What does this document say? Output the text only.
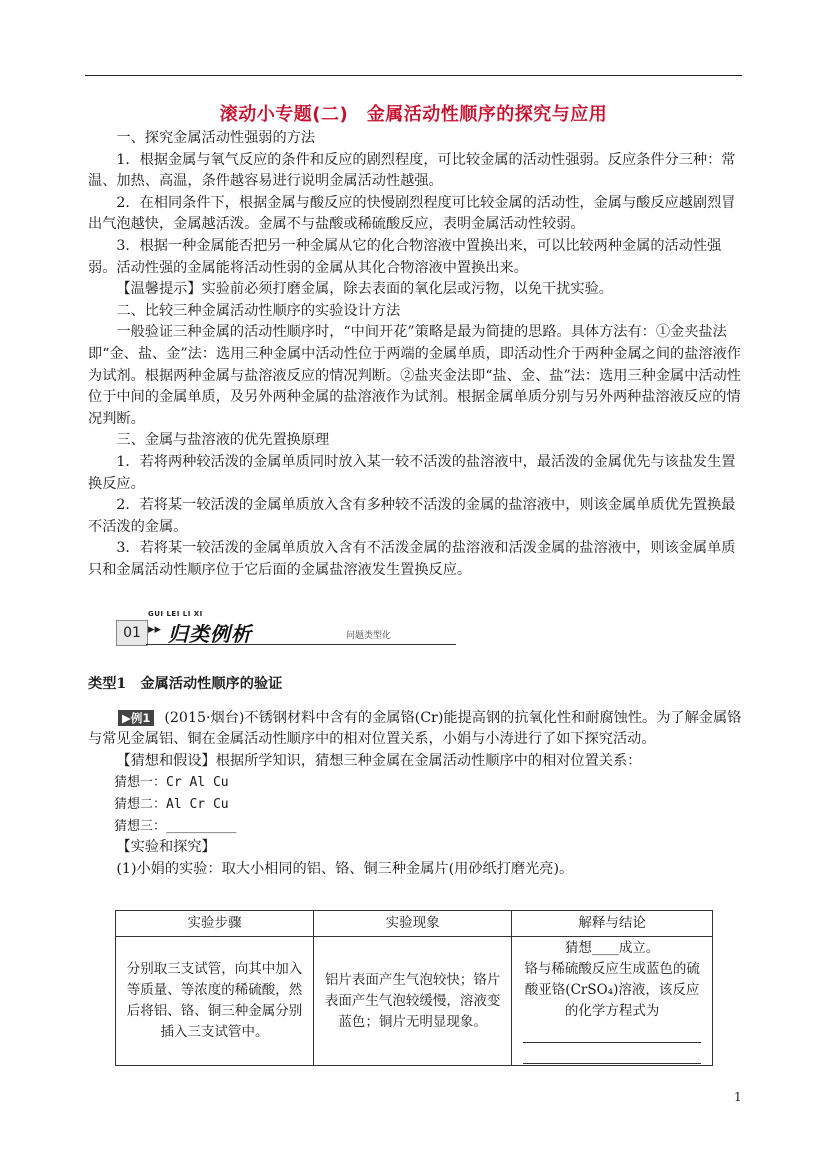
滚动小专题(二)　金属活动性顺序的探究与应用

一、探究金属活动性强弱的方法

1．根据金属与氧气反应的条件和反应的剧烈程度，可比较金属的活动性强弱。反应条件分三种：常温、加热、高温，条件越容易进行说明金属活动性越强。

2．在相同条件下，根据金属与酸反应的快慢剧烈程度可比较金属的活动性，金属与酸反应越剧烈冒出气泡越快，金属越活泼。金属不与盐酸或稀硫酸反应，表明金属活动性较弱。

3．根据一种金属能否把另一种金属从它的化合物溶液中置换出来，可以比较两种金属的活动性强弱。活动性强的金属能将活动性弱的金属从其化合物溶液中置换出来。

【温馨提示】实验前必须打磨金属，除去表面的氧化层或污物，以免干扰实验。

二、比较三种金属活动性顺序的实验设计方法

一般验证三种金属的活动性顺序时，“中间开花”策略是最为简捷的思路。具体方法有：①金夹盐法即“金、盐、金”法：选用三种金属中活动性位于两端的金属单质，即活动性介于两种金属之间的盐溶液作为试剂。根据两种金属与盐溶液反应的情况判断。②盐夹金法即“盐、金、盐”法：选用三种金属中活动性位于中间的金属单质，及另外两种金属的盐溶液作为试剂。根据金属单质分别与另外两种盐溶液反应的情况判断。

三、金属与盐溶液的优先置换原理

1．若将两种较活泼的金属单质同时放入某一较不活泼的盐溶液中，最活泼的金属优先与该盐发生置换反应。

2．若将某一较活泼的金属单质放入含有多种较不活泼的金属的盐溶液中，则该金属单质优先置换最不活泼的金属。

3．若将某一较活泼的金属单质放入含有不活泼金属的盐溶液和活泼金属的盐溶液中，则该金属单质只和金属活动性顺序位于它后面的金属盐溶液发生置换反应。

GUI LEI LI XI
01 ▸▸ 归类例析	问题类型化

类型1　金属活动性顺序的验证

▶例1 (2015·烟台)不锈钢材料中含有的金属铬(Cr)能提高钢的抗氧化性和耐腐蚀性。为了解金属铬与常见金属铝、铜在金属活动性顺序中的相对位置关系，小娟与小涛进行了如下探究活动。

【猜想和假设】根据所学知识，猜想三种金属在金属活动性顺序中的相对位置关系：

猜想一：Cr Al Cu

猜想二：Al Cr Cu

猜想三：_________

【实验和探究】

(1)小娟的实验：取大小相同的铝、铬、铜三种金属片(用砂纸打磨光亮)。

实验步骤	实验现象	解释与结论
分别取三支试管，向其中加入等质量、等浓度的稀硫酸，然后将铝、铬、铜三种金属分别插入三支试管中。	铝片表面产生气泡较快；铬片表面产生气泡较缓慢，溶液变蓝色；铜片无明显现象。	猜想____成立。
铬与稀硫酸反应生成蓝色的硫酸亚铬(CrSO₄)溶液，该反应的化学方程式为
1
